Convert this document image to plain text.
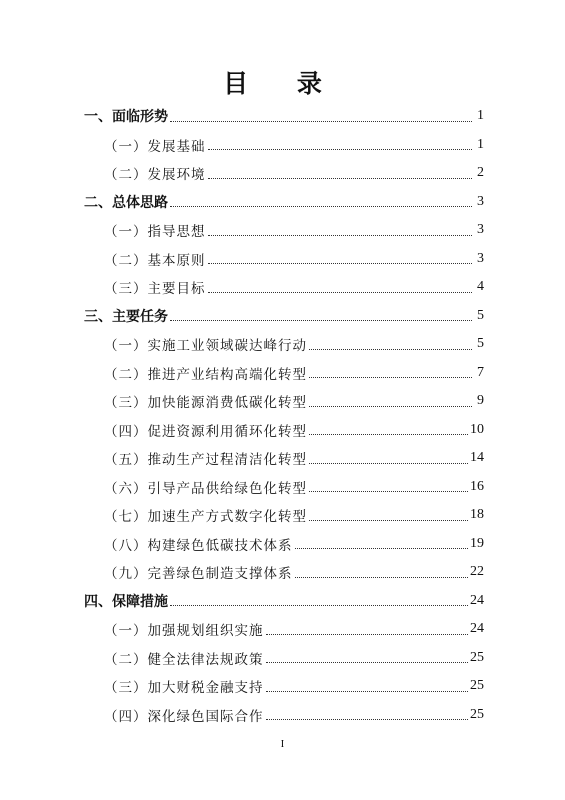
目 录
一、面临形势	1
（一）发展基础	1
（二）发展环境	2
二、总体思路	3
（一）指导思想	3
（二）基本原则	3
（三）主要目标	4
三、主要任务	5
（一）实施工业领域碳达峰行动	5
（二）推进产业结构高端化转型	7
（三）加快能源消费低碳化转型	9
（四）促进资源利用循环化转型	10
（五）推动生产过程清洁化转型	14
（六）引导产品供给绿色化转型	16
（七）加速生产方式数字化转型	18
（八）构建绿色低碳技术体系	19
（九）完善绿色制造支撑体系	22
四、保障措施	24
（一）加强规划组织实施	24
（二）健全法律法规政策	25
（三）加大财税金融支持	25
（四）深化绿色国际合作	25
I
